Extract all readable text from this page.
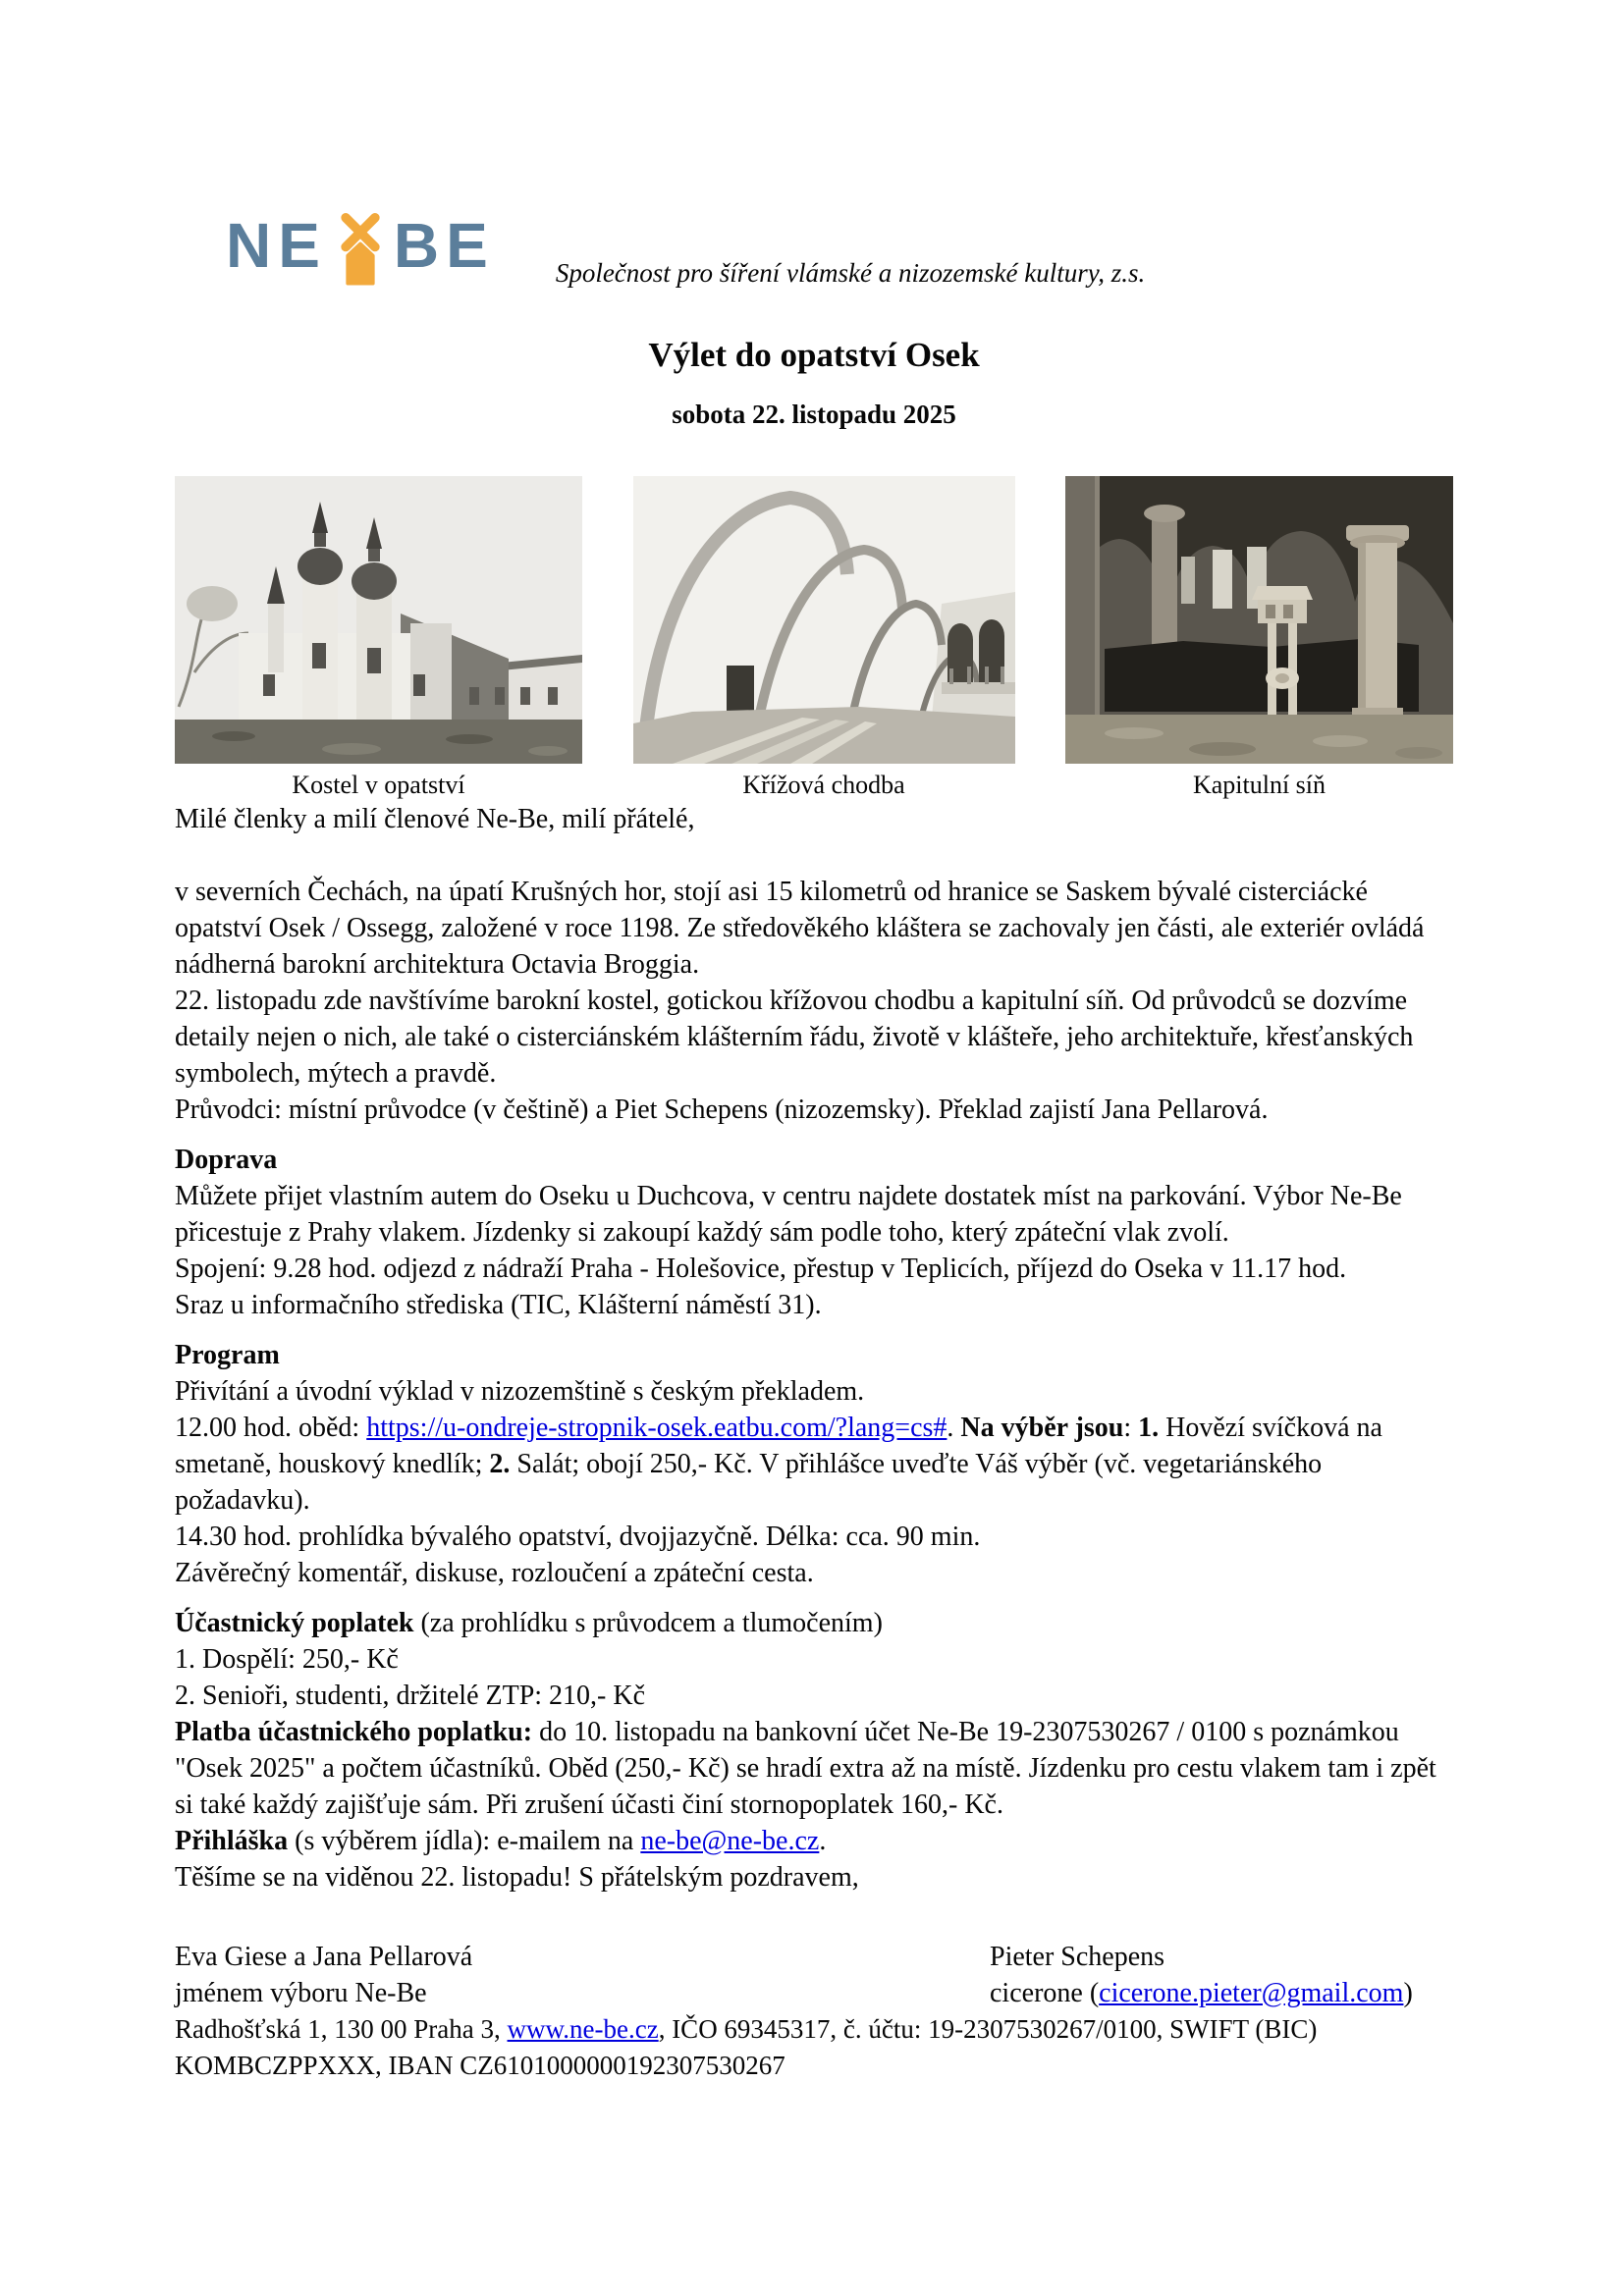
NE BE Společnost pro šíření vlámské a nizozemské kultury, z.s.
Výlet do opatství Osek
sobota 22. listopadu 2025
Kostel v opatství	Křížová chodba	Kapitulní síň

Milé členky a milí členové Ne-Be, milí přátelé,

v severních Čechách, na úpatí Krušných hor, stojí asi 15 kilometrů od hranice se Saskem bývalé cisterciácké opatství Osek / Ossegg, založené v roce 1198. Ze středověkého kláštera se zachovaly jen části, ale exteriér ovládá nádherná barokní architektura Octavia Broggia.

22. listopadu zde navštívíme barokní kostel, gotickou křížovou chodbu a kapitulní síň. Od průvodců se dozvíme detaily nejen o nich, ale také o cisterciánském klášterním řádu, životě v klášteře, jeho architektuře, křesťanských symbolech, mýtech a pravdě.

Průvodci: místní průvodce (v češtině) a Piet Schepens (nizozemsky). Překlad zajistí Jana Pellarová.

Doprava

Můžete přijet vlastním autem do Oseku u Duchcova, v centru najdete dostatek míst na parkování. Výbor Ne-Be přicestuje z Prahy vlakem. Jízdenky si zakoupí každý sám podle toho, který zpáteční vlak zvolí.

Spojení: 9.28 hod. odjezd z nádraží Praha - Holešovice, přestup v Teplicích, příjezd do Oseka v 11.17 hod.

Sraz u informačního střediska (TIC, Klášterní náměstí 31).

Program

Přivítání a úvodní výklad v nizozemštině s českým překladem.

12.00 hod. oběd: https://u-ondreje-stropnik-osek.eatbu.com/?lang=cs#. Na výběr jsou: 1. Hovězí svíčková na smetaně, houskový knedlík; 2. Salát; obojí 250,- Kč. V přihlášce uveďte Váš výběr (vč. vegetariánského požadavku).

14.30 hod. prohlídka bývalého opatství, dvojjazyčně. Délka: cca. 90 min.

Závěrečný komentář, diskuse, rozloučení a zpáteční cesta.

Účastnický poplatek (za prohlídku s průvodcem a tlumočením)

1. Dospělí: 250,- Kč

2. Senioři, studenti, držitelé ZTP: 210,- Kč

Platba účastnického poplatku: do 10. listopadu na bankovní účet Ne-Be 19-2307530267 / 0100 s poznámkou "Osek 2025" a počtem účastníků. Oběd (250,- Kč) se hradí extra až na místě. Jízdenku pro cestu vlakem tam i zpět si také každý zajišťuje sám. Při zrušení účasti činí stornopoplatek 160,- Kč.

Přihláška (s výběrem jídla): e-mailem na ne-be@ne-be.cz.

Těšíme se na viděnou 22. listopadu! S přátelským pozdravem,

Eva Giese a Jana Pellarová

jménem výboru Ne-Be

Pieter Schepens

cicerone (cicerone.pieter@gmail.com)

Radhošťská 1, 130 00 Praha 3, www.ne-be.cz, IČO 69345317, č. účtu: 19-2307530267/0100, SWIFT (BIC) KOMBCZPPXXX, IBAN CZ6101000000192307530267
